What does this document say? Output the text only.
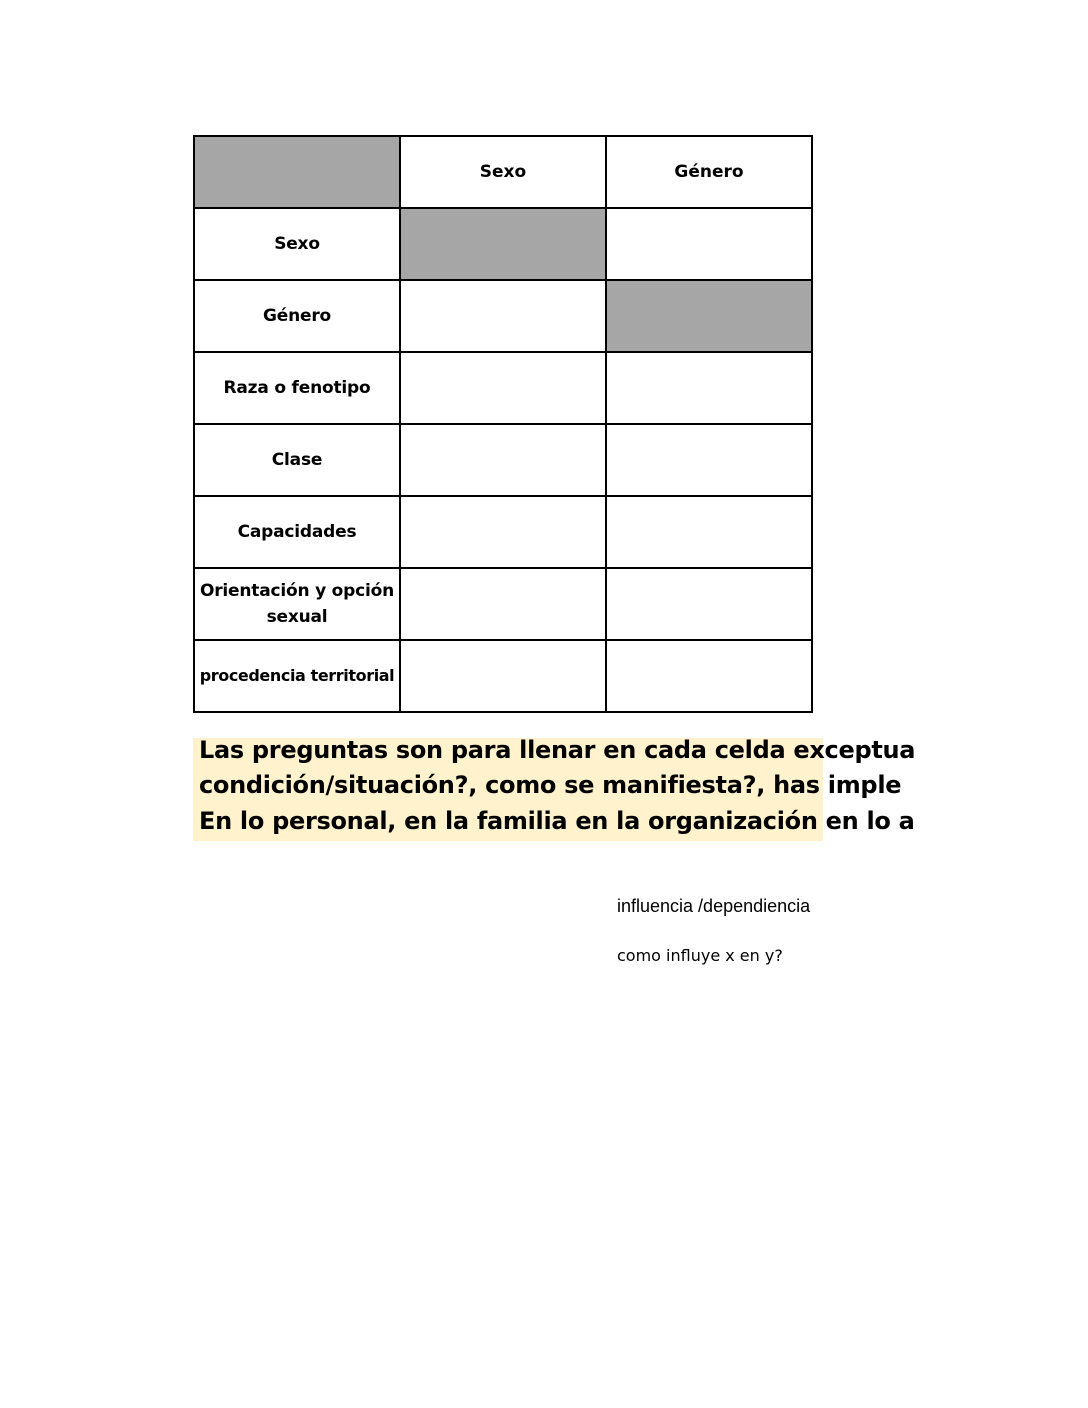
	Sexo	Género
Sexo		
Género		
Raza o fenotipo		
Clase		
Capacidades		
Orientación y opción sexual		
procedencia territorial		
Las preguntas son para llenar en cada celda exceptua
condición/situación?, como se manifiesta?, has imple
En lo personal, en la familia en la organización en lo a
influencia /dependiencia
como influye x en y?
